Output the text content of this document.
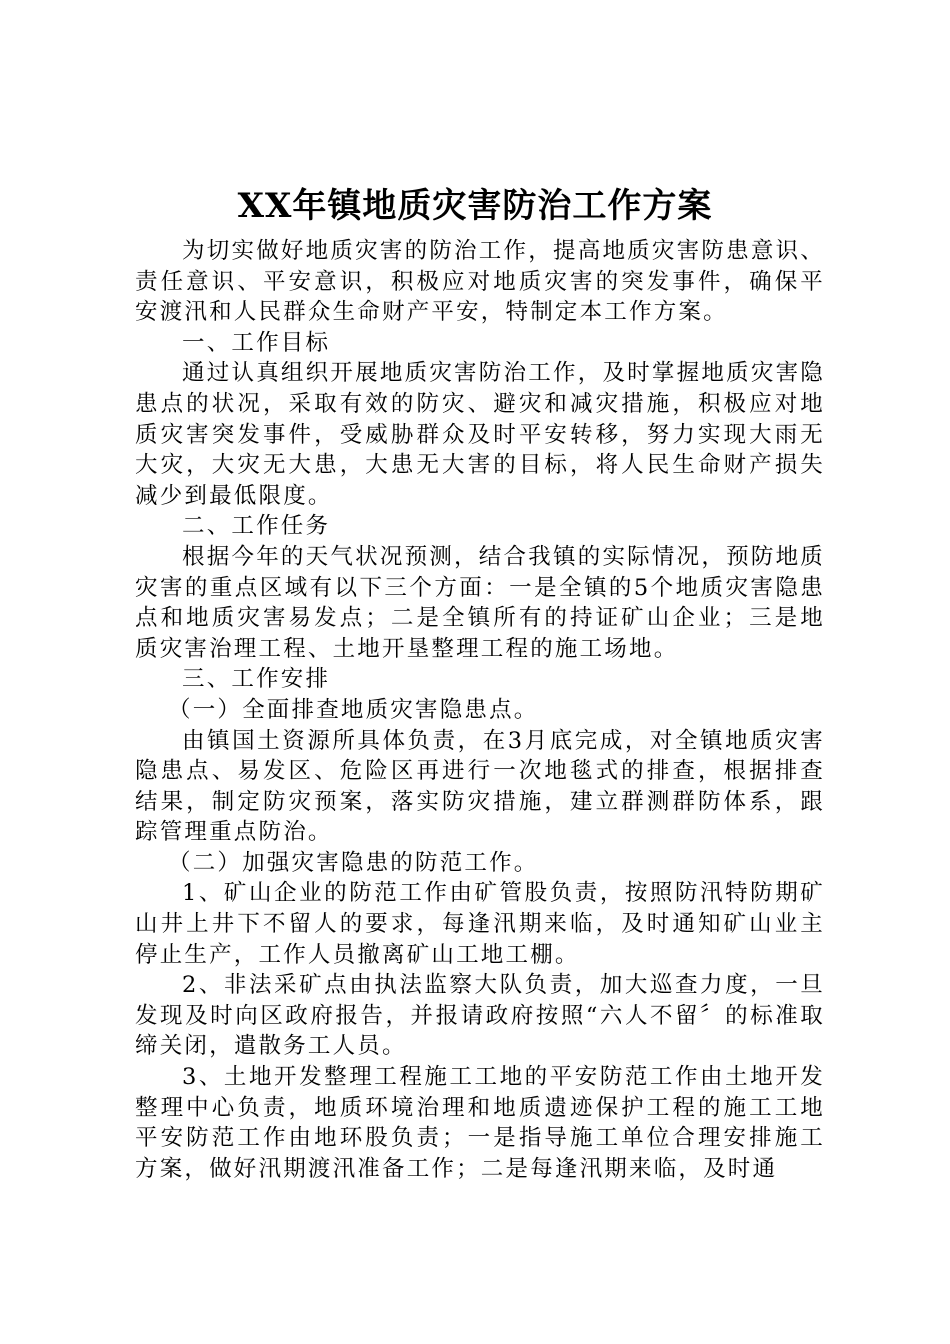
XX年镇地质灾害防治工作方案

为切实做好地质灾害的防治工作，提高地质灾害防患意识、责任意识、平安意识，积极应对地质灾害的突发事件，确保平安渡汛和人民群众生命财产平安，特制定本工作方案。

一、工作目标

通过认真组织开展地质灾害防治工作，及时掌握地质灾害隐患点的状况，采取有效的防灾、避灾和减灾措施，积极应对地质灾害突发事件，受威胁群众及时平安转移，努力实现大雨无大灾，大灾无大患，大患无大害的目标，将人民生命财产损失减少到最低限度。

二、工作任务

根据今年的天气状况预测，结合我镇的实际情况，预防地质灾害的重点区域有以下三个方面：一是全镇的5个地质灾害隐患点和地质灾害易发点；二是全镇所有的持证矿山企业；三是地质灾害治理工程、土地开垦整理工程的施工场地。

三、工作安排

（一）全面排查地质灾害隐患点。

由镇国土资源所具体负责，在3月底完成，对全镇地质灾害隐患点、易发区、危险区再进行一次地毯式的排查，根据排查结果，制定防灾预案，落实防灾措施，建立群测群防体系，跟踪管理重点防治。

（二）加强灾害隐患的防范工作。

1、矿山企业的防范工作由矿管股负责，按照防汛特防期矿山井上井下不留人的要求，每逢汛期来临，及时通知矿山业主停止生产，工作人员撤离矿山工地工棚。

2、非法采矿点由执法监察大队负责，加大巡查力度，一旦发现及时向区政府报告，并报请政府按照“六人不留〞的标准取缔关闭，遣散务工人员。

3、土地开发整理工程施工工地的平安防范工作由土地开发整理中心负责，地质环境治理和地质遗迹保护工程的施工工地平安防范工作由地环股负责；一是指导施工单位合理安排施工方案，做好汛期渡汛准备工作；二是每逢汛期来临，及时通
